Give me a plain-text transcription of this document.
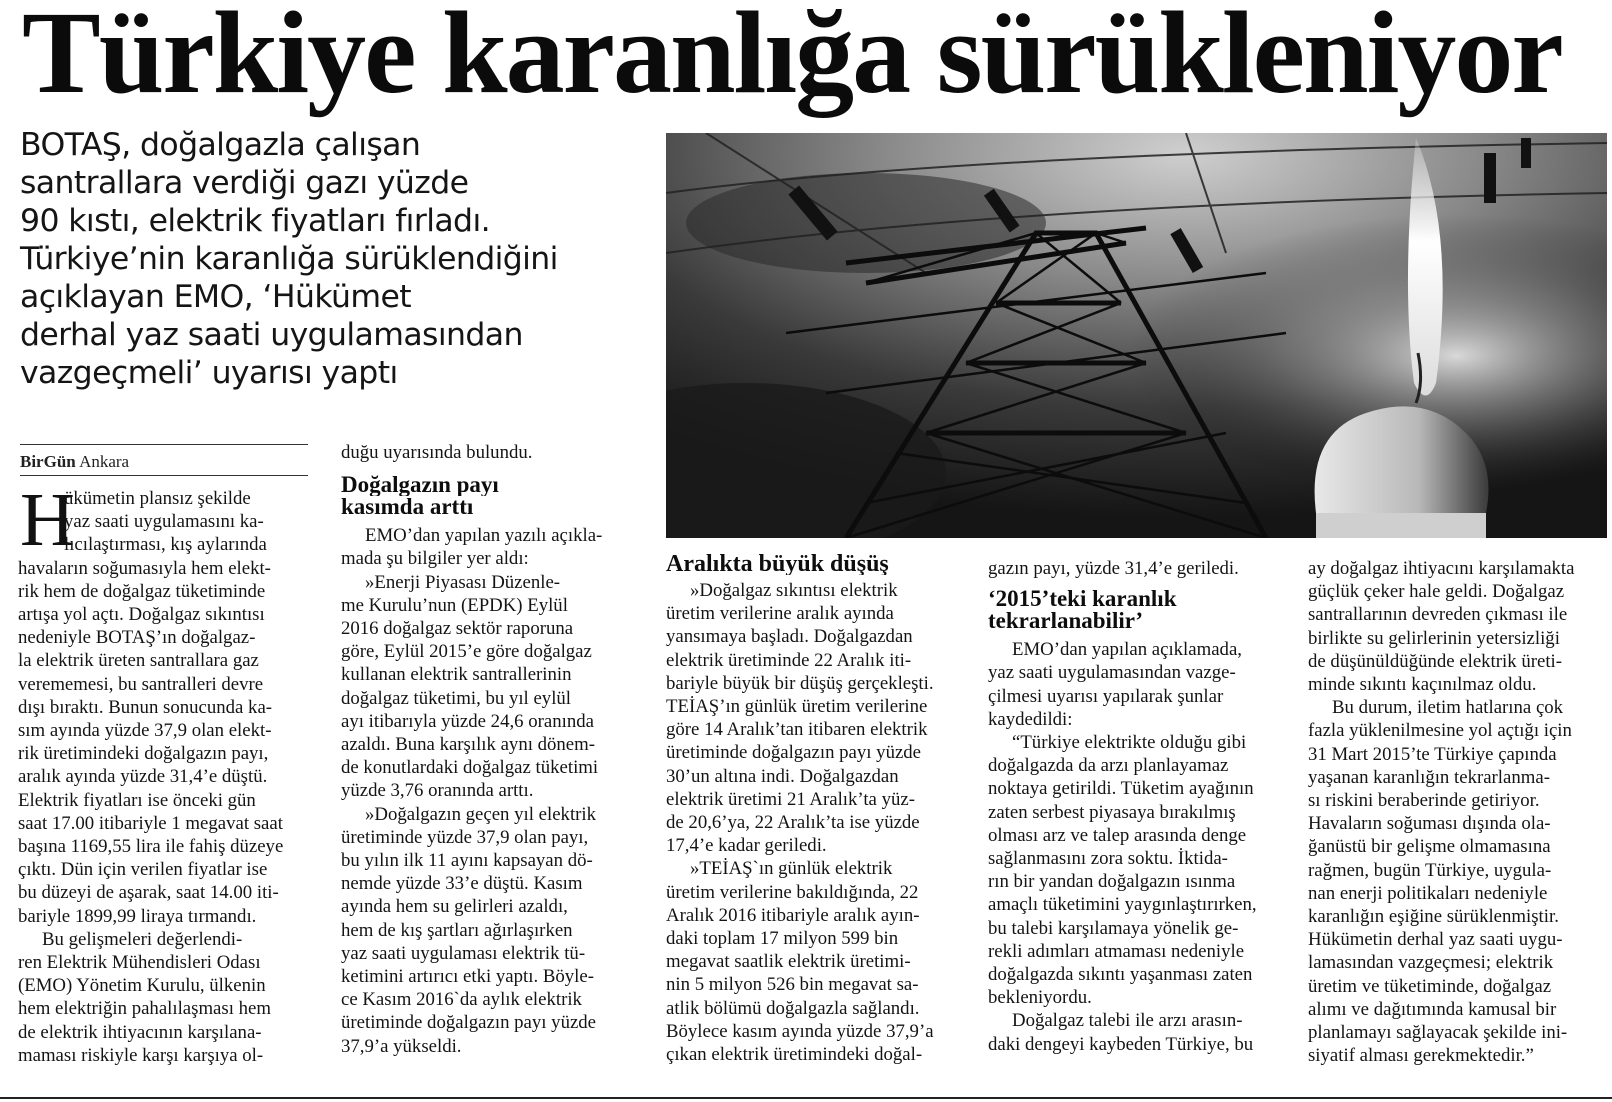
Türkiye karanlığa sürükleniyor
BOTAŞ, doğalgazla çalışan
santrallara verdiği gazı yüzde
90 kıstı, elektrik fiyatları fırladı.
Türkiye’nin karanlığa sürüklendiğini
açıklayan EMO, ‘Hükümet
derhal yaz saati uygulamasından
vazgeçmeli’ uyarısı yaptı
BirGün Ankara
H
ükümetin plansız şekilde
yaz saati uygulamasını ka-
lıcılaştırması, kış aylarında
havaların soğumasıyla hem elekt-
rik hem de doğalgaz tüketiminde
artışa yol açtı. Doğalgaz sıkıntısı
nedeniyle BOTAŞ’ın doğalgaz-
la elektrik üreten santrallara gaz
verememesi, bu santralleri devre
dışı bıraktı. Bunun sonucunda ka-
sım ayında yüzde 37,9 olan elekt-
rik üretimindeki doğalgazın payı,
aralık ayında yüzde 31,4’e düştü.
Elektrik fiyatları ise önceki gün
saat 17.00 itibariyle 1 megavat saat
başına 1169,55 lira ile fahiş düzeye
çıktı. Dün için verilen fiyatlar ise
bu düzeyi de aşarak, saat 14.00 iti-
bariyle 1899,99 liraya tırmandı.
Bu gelişmeleri değerlendi-
ren Elektrik Mühendisleri Odası
(EMO) Yönetim Kurulu, ülkenin
hem elektriğin pahalılaşması hem
de elektrik ihtiyacının karşılana-
maması riskiyle karşı karşıya ol-
duğu uyarısında bulundu.
Doğalgazın payı
kasımda arttı
EMO’dan yapılan yazılı açıkla-
mada şu bilgiler yer aldı:
»Enerji Piyasası Düzenle-
me Kurulu’nun (EPDK) Eylül
2016 doğalgaz sektör raporuna
göre, Eylül 2015’e göre doğalgaz
kullanan elektrik santrallerinin
doğalgaz tüketimi, bu yıl eylül
ayı itibarıyla yüzde 24,6 oranında
azaldı. Buna karşılık aynı dönem-
de konutlardaki doğalgaz tüketimi
yüzde 3,76 oranında arttı.
»Doğalgazın geçen yıl elektrik
üretiminde yüzde 37,9 olan payı,
bu yılın ilk 11 ayını kapsayan dö-
nemde yüzde 33’e düştü. Kasım
ayında hem su gelirleri azaldı,
hem de kış şartları ağırlaşırken
yaz saati uygulaması elektrik tü-
ketimini artırıcı etki yaptı. Böyle-
ce Kasım 2016`da aylık elektrik
üretiminde doğalgazın payı yüzde
37,9’a yükseldi.
Aralıkta büyük düşüş
»Doğalgaz sıkıntısı elektrik
üretim verilerine aralık ayında
yansımaya başladı. Doğalgazdan
elektrik üretiminde 22 Aralık iti-
bariyle büyük bir düşüş gerçekleşti.
TEİAŞ’ın günlük üretim verilerine
göre 14 Aralık’tan itibaren elektrik
üretiminde doğalgazın payı yüzde
30’un altına indi. Doğalgazdan
elektrik üretimi 21 Aralık’ta yüz-
de 20,6’ya, 22 Aralık’ta ise yüzde
17,4’e kadar geriledi.
»TEİAŞ`ın günlük elektrik
üretim verilerine bakıldığında, 22
Aralık 2016 itibariyle aralık ayın-
daki toplam 17 milyon 599 bin
megavat saatlik elektrik üretimi-
nin 5 milyon 526 bin megavat sa-
atlik bölümü doğalgazla sağlandı.
Böylece kasım ayında yüzde 37,9’a
çıkan elektrik üretimindeki doğal-
gazın payı, yüzde 31,4’e geriledi.
‘2015’teki karanlık
tekrarlanabilir’
EMO’dan yapılan açıklamada,
yaz saati uygulamasından vazge-
çilmesi uyarısı yapılarak şunlar
kaydedildi:
“Türkiye elektrikte olduğu gibi
doğalgazda da arzı planlayamaz
noktaya getirildi. Tüketim ayağının
zaten serbest piyasaya bırakılmış
olması arz ve talep arasında denge
sağlanmasını zora soktu. İktida-
rın bir yandan doğalgazın ısınma
amaçlı tüketimini yaygınlaştırırken,
bu talebi karşılamaya yönelik ge-
rekli adımları atmaması nedeniyle
doğalgazda sıkıntı yaşanması zaten
bekleniyordu.
Doğalgaz talebi ile arzı arasın-
daki dengeyi kaybeden Türkiye, bu
ay doğalgaz ihtiyacını karşılamakta
güçlük çeker hale geldi. Doğalgaz
santrallarının devreden çıkması ile
birlikte su gelirlerinin yetersizliği
de düşünüldüğünde elektrik üreti-
minde sıkıntı kaçınılmaz oldu.
Bu durum, iletim hatlarına çok
fazla yüklenilmesine yol açtığı için
31 Mart 2015’te Türkiye çapında
yaşanan karanlığın tekrarlanma-
sı riskini beraberinde getiriyor.
Havaların soğuması dışında ola-
ğanüstü bir gelişme olmamasına
rağmen, bugün Türkiye, uygula-
nan enerji politikaları nedeniyle
karanlığın eşiğine sürüklenmiştir.
Hükümetin derhal yaz saati uygu-
lamasından vazgeçmesi; elektrik
üretim ve tüketiminde, doğalgaz
alımı ve dağıtımında kamusal bir
planlamayı sağlayacak şekilde ini-
siyatif alması gerekmektedir.”
